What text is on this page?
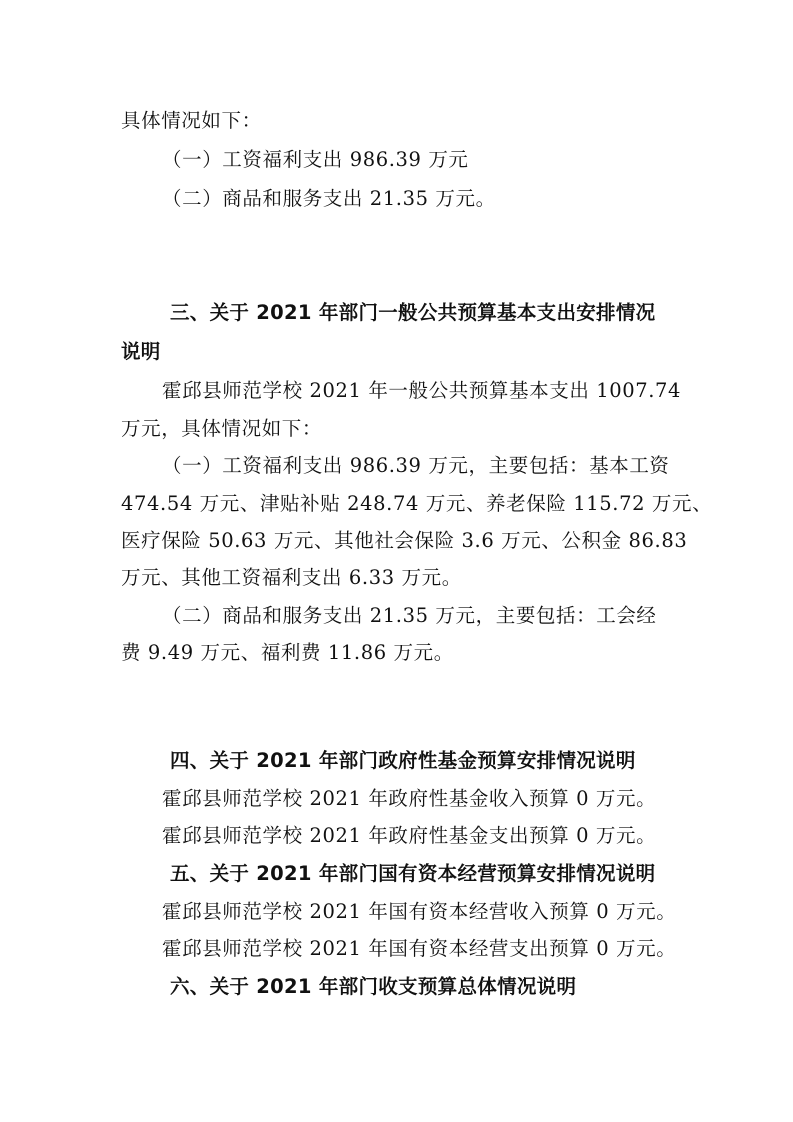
具体情况如下：
（一）工资福利支出 986.39 万元
（二）商品和服务支出 21.35 万元。
三、关于 2021 年部门一般公共预算基本支出安排情况
说明
霍邱县师范学校 2021 年一般公共预算基本支出 1007.74
万元，具体情况如下：
（一）工资福利支出 986.39 万元，主要包括：基本工资
474.54 万元、津贴补贴 248.74 万元、养老保险 115.72 万元、
医疗保险 50.63 万元、其他社会保险 3.6 万元、公积金 86.83
万元、其他工资福利支出 6.33 万元。
（二）商品和服务支出 21.35 万元，主要包括：工会经
费 9.49 万元、福利费 11.86 万元。
四、关于 2021 年部门政府性基金预算安排情况说明
霍邱县师范学校 2021 年政府性基金收入预算 0 万元。
霍邱县师范学校 2021 年政府性基金支出预算 0 万元。
五、关于 2021 年部门国有资本经营预算安排情况说明
霍邱县师范学校 2021 年国有资本经营收入预算 0 万元。
霍邱县师范学校 2021 年国有资本经营支出预算 0 万元。
六、关于 2021 年部门收支预算总体情况说明
